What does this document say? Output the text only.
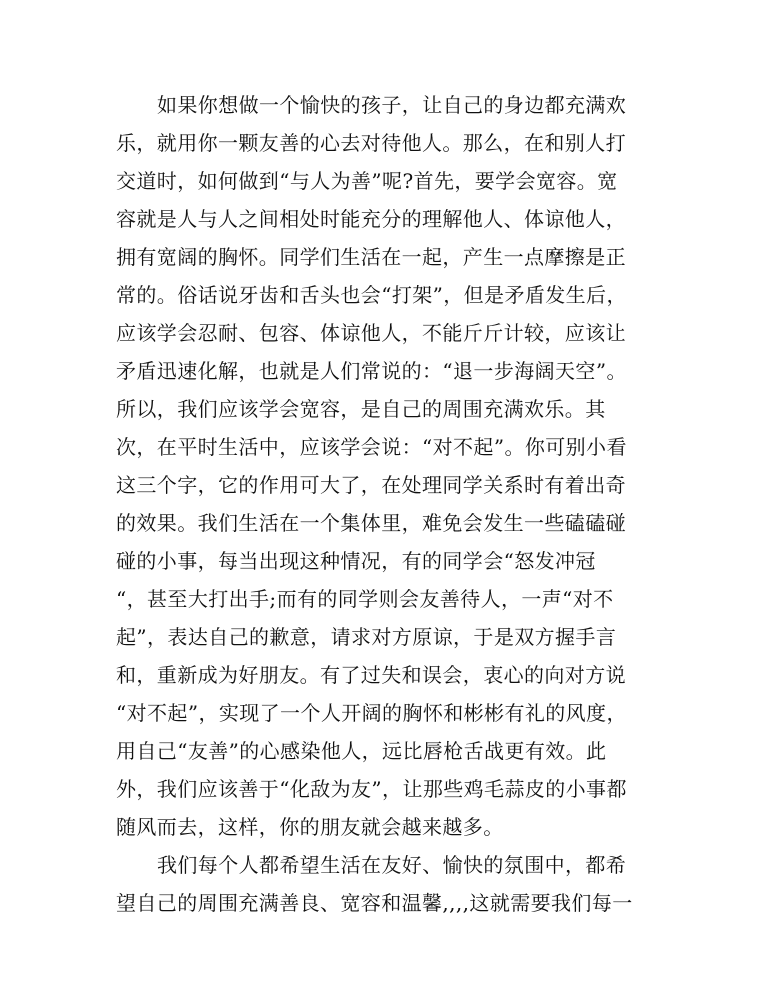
如果你想做一个愉快的孩子，让自己的身边都充满欢
乐，就用你一颗友善的心去对待他人。那么，在和别人打
交道时，如何做到“与人为善”呢?首先，要学会宽容。宽
容就是人与人之间相处时能充分的理解他人、体谅他人，
拥有宽阔的胸怀。同学们生活在一起，产生一点摩擦是正
常的。俗话说牙齿和舌头也会“打架”，但是矛盾发生后，
应该学会忍耐、包容、体谅他人，不能斤斤计较，应该让
矛盾迅速化解，也就是人们常说的：“退一步海阔天空”。
所以，我们应该学会宽容，是自己的周围充满欢乐。其
次，在平时生活中，应该学会说：“对不起”。你可别小看
这三个字，它的作用可大了，在处理同学关系时有着出奇
的效果。我们生活在一个集体里，难免会发生一些磕磕碰
碰的小事，每当出现这种情况，有的同学会“怒发冲冠
“，甚至大打出手;而有的同学则会友善待人，一声“对不
起”，表达自己的歉意，请求对方原谅，于是双方握手言
和，重新成为好朋友。有了过失和误会，衷心的向对方说
“对不起”，实现了一个人开阔的胸怀和彬彬有礼的风度，
用自己“友善”的心感染他人，远比唇枪舌战更有效。此
外，我们应该善于“化敌为友”，让那些鸡毛蒜皮的小事都
随风而去，这样，你的朋友就会越来越多。
我们每个人都希望生活在友好、愉快的氛围中，都希
望自己的周围充满善良、宽容和温馨,,,,这就需要我们每一
